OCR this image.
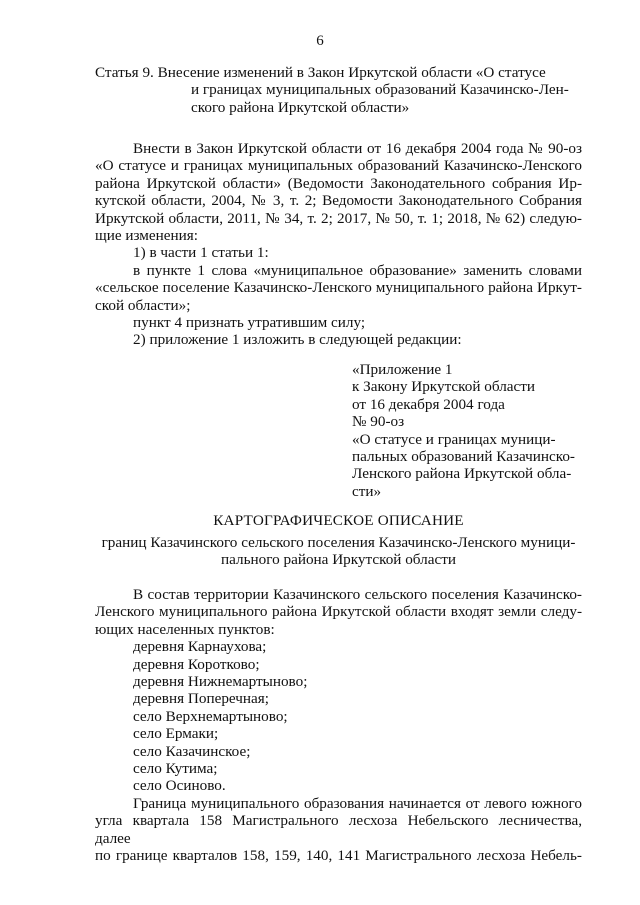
6
Статья 9. Внесение изменений в Закон Иркутской области «О статусе
и границах муниципальных образований Казачинско-Лен-
ского района Иркутской области»
Внести в Закон Иркутской области от 16 декабря 2004 года № 90-оз
«О статусе и границах муниципальных образований Казачинско-Ленского
района Иркутской области» (Ведомости Законодательного собрания Ир-
кутской области, 2004, № 3, т. 2; Ведомости Законодательного Собрания
Иркутской области, 2011, № 34, т. 2; 2017, № 50, т. 1; 2018, № 62) следую-
щие изменения:
1) в части 1 статьи 1:
в пункте 1 слова «муниципальное образование» заменить словами
«сельское поселение Казачинско-Ленского муниципального района Иркут-
ской области»;
пункт 4 признать утратившим силу;
2) приложение 1 изложить в следующей редакции:
«Приложение 1
к Закону Иркутской области
от 16 декабря 2004 года
№ 90-оз
«О статусе и границах муници-
пальных образований Казачинско-
Ленского района Иркутской обла-
сти»
КАРТОГРАФИЧЕСКОЕ ОПИСАНИЕ
границ Казачинского сельского поселения Казачинско-Ленского муници-
пального района Иркутской области
В состав территории Казачинского сельского поселения Казачинско-
Ленского муниципального района Иркутской области входят земли следу-
ющих населенных пунктов:
деревня Карнаухова;
деревня Коротково;
деревня Нижнемартыново;
деревня Поперечная;
село Верхнемартыново;
село Ермаки;
село Казачинское;
село Кутима;
село Осиново.
Граница муниципального образования начинается от левого южного
угла квартала 158 Магистрального лесхоза Небельского лесничества, далее
по границе кварталов 158, 159, 140, 141 Магистрального лесхоза Небель-
